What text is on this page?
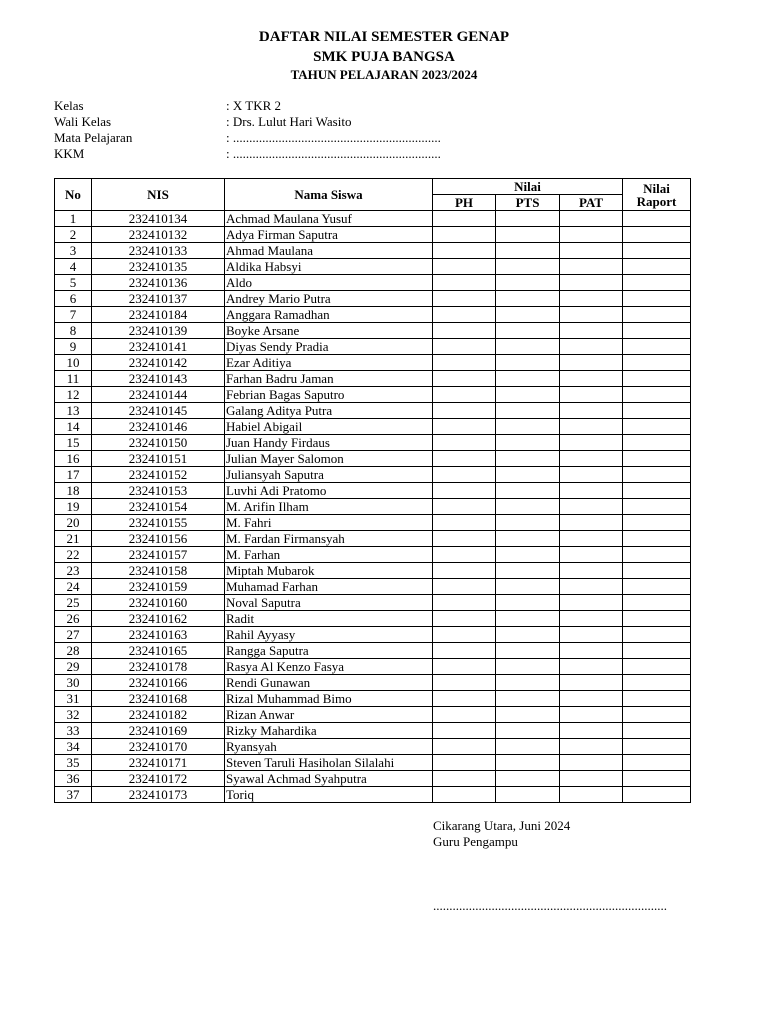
DAFTAR NILAI SEMESTER GENAP
SMK PUJA BANGSA
TAHUN PELAJARAN 2023/2024
Kelas	: X TKR 2
Wali Kelas	: Drs. Lulut Hari Wasito
Mata Pelajaran	: ................................................................
KKM	: ................................................................
No	NIS	Nama Siswa	Nilai			Nilai
Raport
			PH	PTS	PAT	
1	232410134	Achmad Maulana Yusuf				
2	232410132	Adya Firman Saputra				
3	232410133	Ahmad Maulana				
4	232410135	Aldika Habsyi				
5	232410136	Aldo				
6	232410137	Andrey Mario Putra				
7	232410184	Anggara Ramadhan				
8	232410139	Boyke Arsane				
9	232410141	Diyas Sendy Pradia				
10	232410142	Ezar Aditiya				
11	232410143	Farhan Badru Jaman				
12	232410144	Febrian Bagas Saputro				
13	232410145	Galang Aditya Putra				
14	232410146	Habiel Abigail				
15	232410150	Juan Handy Firdaus				
16	232410151	Julian Mayer Salomon				
17	232410152	Juliansyah Saputra				
18	232410153	Luvhi Adi Pratomo				
19	232410154	M. Arifin Ilham				
20	232410155	M. Fahri				
21	232410156	M. Fardan Firmansyah				
22	232410157	M. Farhan				
23	232410158	Miptah Mubarok				
24	232410159	Muhamad Farhan				
25	232410160	Noval Saputra				
26	232410162	Radit				
27	232410163	Rahil Ayyasy				
28	232410165	Rangga Saputra				
29	232410178	Rasya Al Kenzo Fasya				
30	232410166	Rendi Gunawan				
31	232410168	Rizal Muhammad Bimo				
32	232410182	Rizan Anwar				
33	232410169	Rizky Mahardika				
34	232410170	Ryansyah				
35	232410171	Steven Taruli Hasiholan Silalahi				
36	232410172	Syawal Achmad Syahputra				
37	232410173	Toriq				
Cikarang Utara, Juni 2024
Guru Pengampu
........................................................................
